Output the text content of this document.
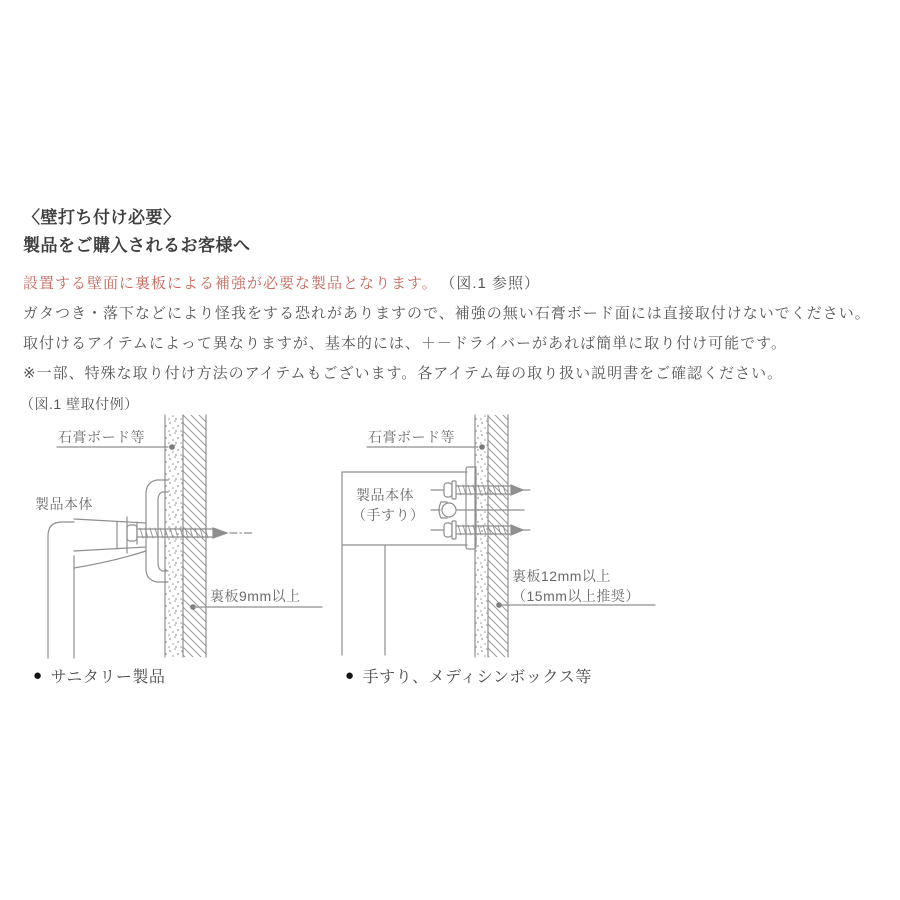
〈壁打ち付け必要〉
製品をご購入されるお客様へ
設置する壁面に裏板による補強が必要な製品となります。 （図.1 参照）
ガタつき・落下などにより怪我をする恐れがありますので、補強の無い石膏ボード面には直接取付けないでください。
取付けるアイテムによって異なりますが、基本的には、＋－ドライバーがあれば簡単に取り付け可能です。
※一部、特殊な取り付け方法のアイテムもございます。各アイテム毎の取り扱い説明書をご確認ください。
（図.1 壁取付例）
石膏ボード等
製品本体
裏板9mm以上
石膏ボード等
製品本体
（手すり）
裏板12mm以上
（15mm以上推奨）
● サニタリー製品	● 手すり、メディシンボックス等
